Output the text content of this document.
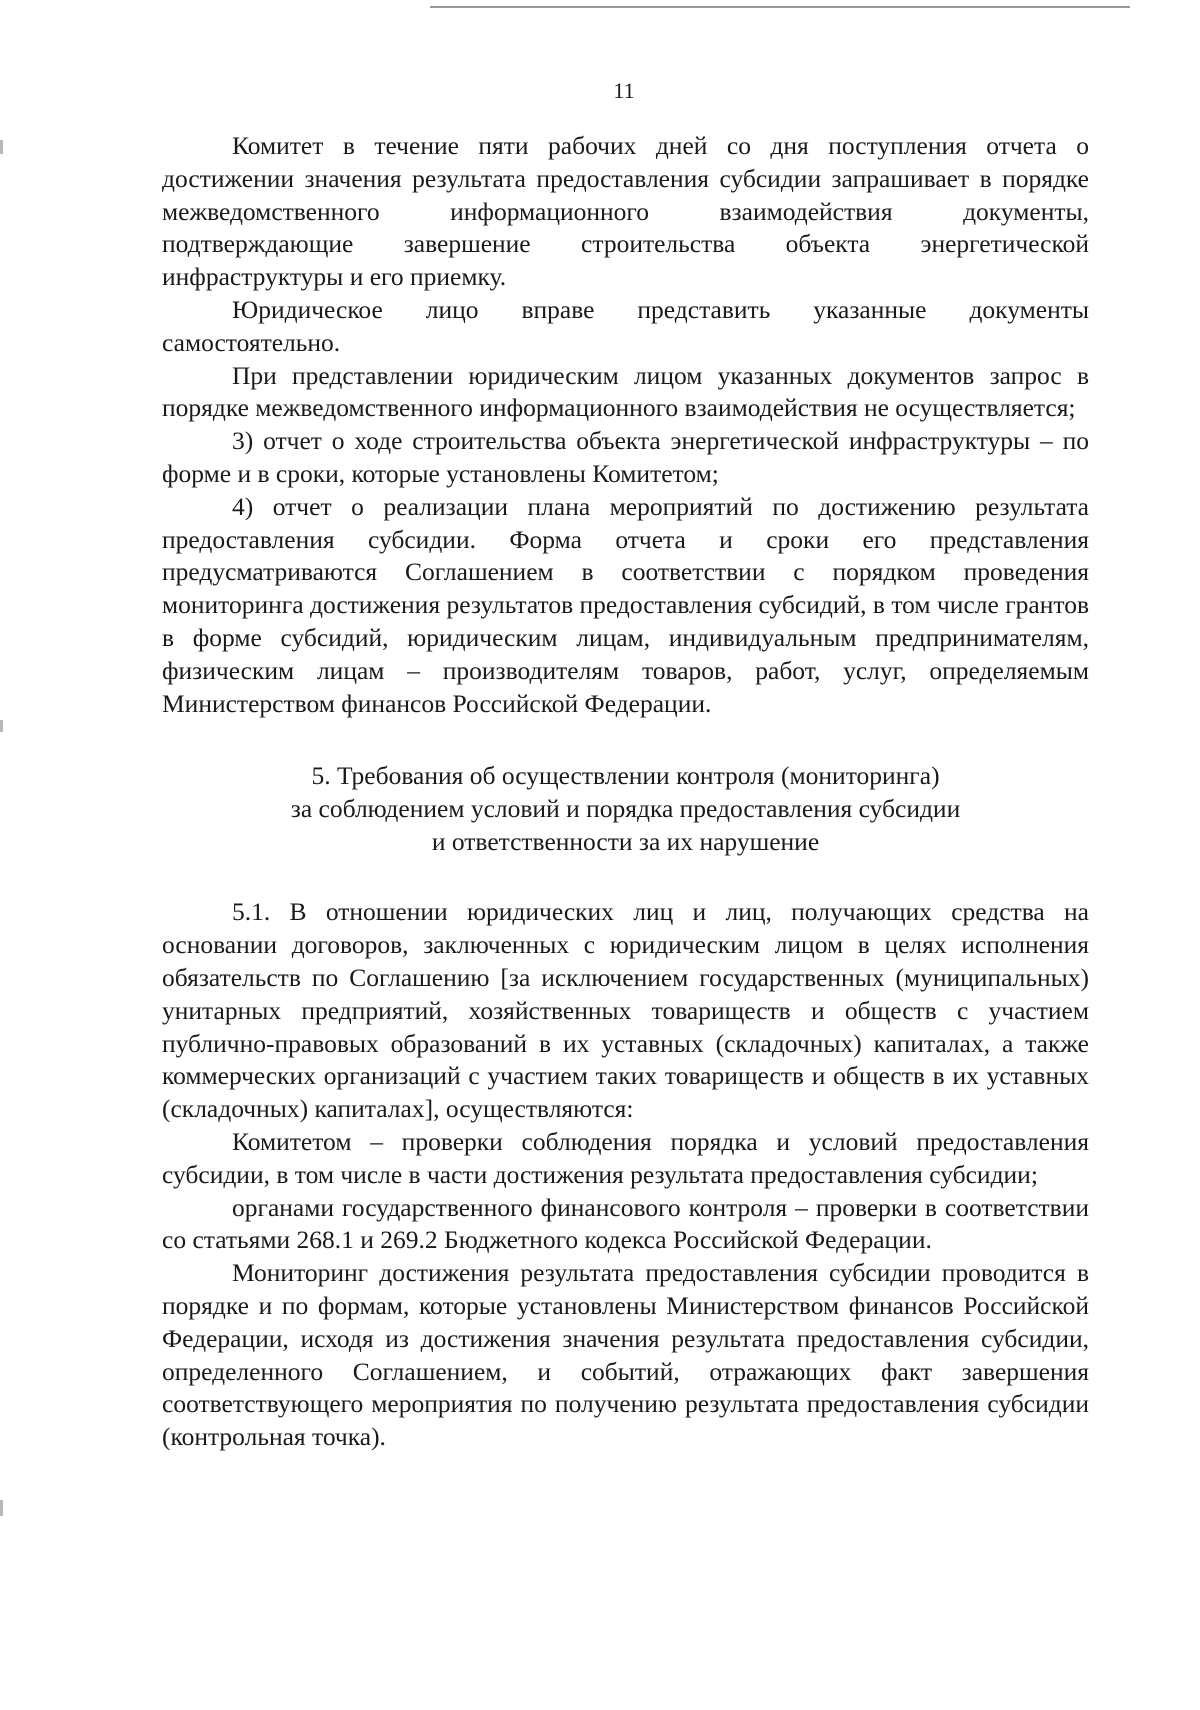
11

Комитет в течение пяти рабочих дней со дня поступления отчета о достижении значения результата предоставления субсидии запрашивает в порядке межведомственного информационного взаимодействия документы, подтверждающие завершение строительства объекта энергетической инфраструктуры и его приемку.

Юридическое лицо вправе представить указанные документы самостоятельно.

При представлении юридическим лицом указанных документов запрос в порядке межведомственного информационного взаимодействия не осуществляется;

3) отчет о ходе строительства объекта энергетической инфраструктуры – по форме и в сроки, которые установлены Комитетом;

4) отчет о реализации плана мероприятий по достижению результата предоставления субсидии. Форма отчета и сроки его представления предусматриваются Соглашением в соответствии с порядком проведения мониторинга достижения результатов предоставления субсидий, в том числе грантов в форме субсидий, юридическим лицам, индивидуальным предпринимателям, физическим лицам – производителям товаров, работ, услуг, определяемым Министерством финансов Российской Федерации.

5. Требования об осуществлении контроля (мониторинга)
за соблюдением условий и порядка предоставления субсидии
и ответственности за их нарушение

5.1. В отношении юридических лиц и лиц, получающих средства на основании договоров, заключенных с юридическим лицом в целях исполнения обязательств по Соглашению [за исключением государственных (муниципальных) унитарных предприятий, хозяйственных товариществ и обществ с участием публично-правовых образований в их уставных (складочных) капиталах, а также коммерческих организаций с участием таких товариществ и обществ в их уставных (складочных) капиталах], осуществляются:

Комитетом – проверки соблюдения порядка и условий предоставления субсидии, в том числе в части достижения результата предоставления субсидии;

органами государственного финансового контроля – проверки в соответствии со статьями 268.1 и 269.2 Бюджетного кодекса Российской Федерации.

Мониторинг достижения результата предоставления субсидии проводится в порядке и по формам, которые установлены Министерством финансов Российской Федерации, исходя из достижения значения результата предоставления субсидии, определенного Соглашением, и событий, отражающих факт завершения соответствующего мероприятия по получению результата предоставления субсидии (контрольная точка).
